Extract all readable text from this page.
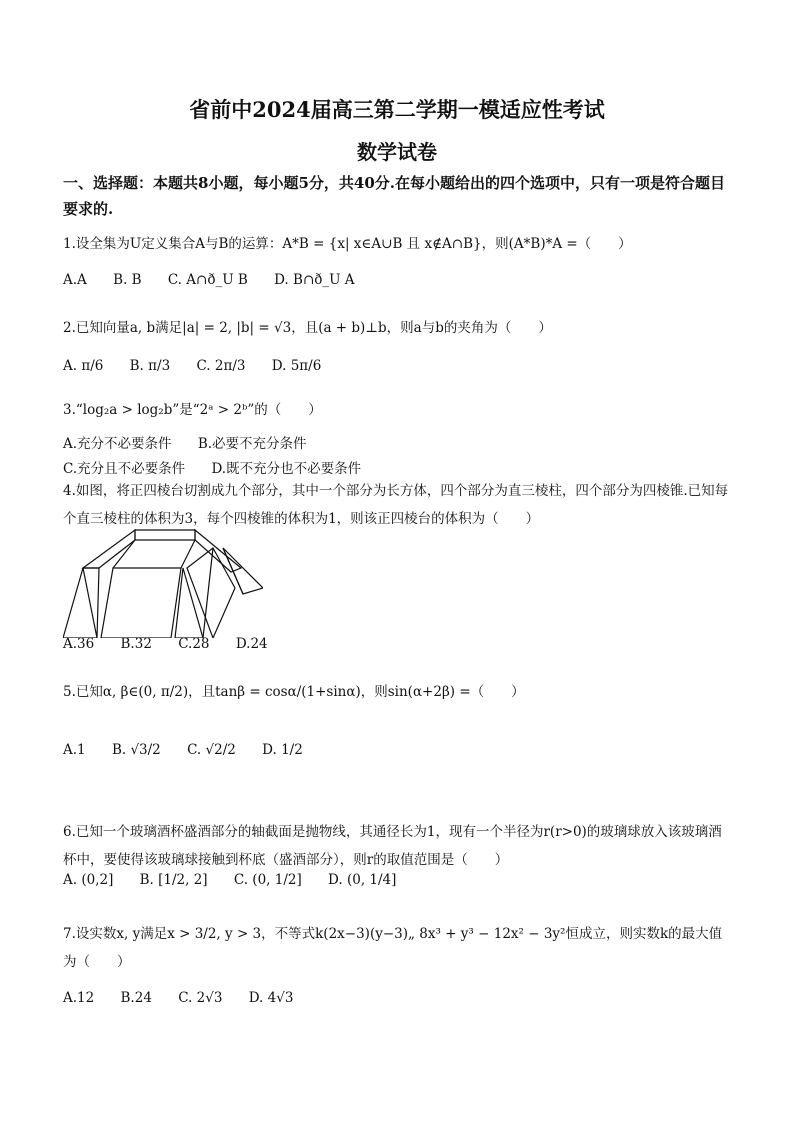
省前中2024届高三第二学期一模适应性考试
数学试卷
一、选择题：本题共8小题，每小题5分，共40分.在每小题给出的四个选项中，只有一项是符合题目要求的.
1.设全集为U定义集合A与B的运算：A*B = {x| x∈A∪B 且 x∉A∩B}，则(A*B)*A =（　　）
A.A B. B C. A∩ð_U B D. B∩ð_U A
2.已知向量a, b满足|a| = 2, |b| = √3，且(a + b)⊥b，则a与b的夹角为（　　）
A. π/6 B. π/3 C. 2π/3 D. 5π/6
3.“log₂a > log₂b”是“2ᵃ > 2ᵇ”的（　　）
A.充分不必要条件 B.必要不充分条件
C.充分且不必要条件 D.既不充分也不必要条件
4.如图，将正四棱台切割成九个部分，其中一个部分为长方体，四个部分为直三棱柱，四个部分为四棱锥.已知每个直三棱柱的体积为3，每个四棱锥的体积为1，则该正四棱台的体积为（　　）
A.36 B.32 C.28 D.24
5.已知α, β∈(0, π/2)，且tanβ = cosα/(1+sinα)，则sin(α+2β) =（　　）
A.1 B. √3/2 C. √2/2 D. 1/2
6.已知一个玻璃酒杯盛酒部分的轴截面是抛物线，其通径长为1，现有一个半径为r(r>0)的玻璃球放入该玻璃酒杯中，要使得该玻璃球接触到杯底（盛酒部分），则r的取值范围是（　　）
A. (0,2] B. [1/2, 2] C. (0, 1/2] D. (0, 1/4]
7.设实数x, y满足x > 3/2, y > 3，不等式k(2x−3)(y−3)„ 8x³ + y³ − 12x² − 3y²恒成立，则实数k的最大值为（　　）
A.12 B.24 C. 2√3 D. 4√3
